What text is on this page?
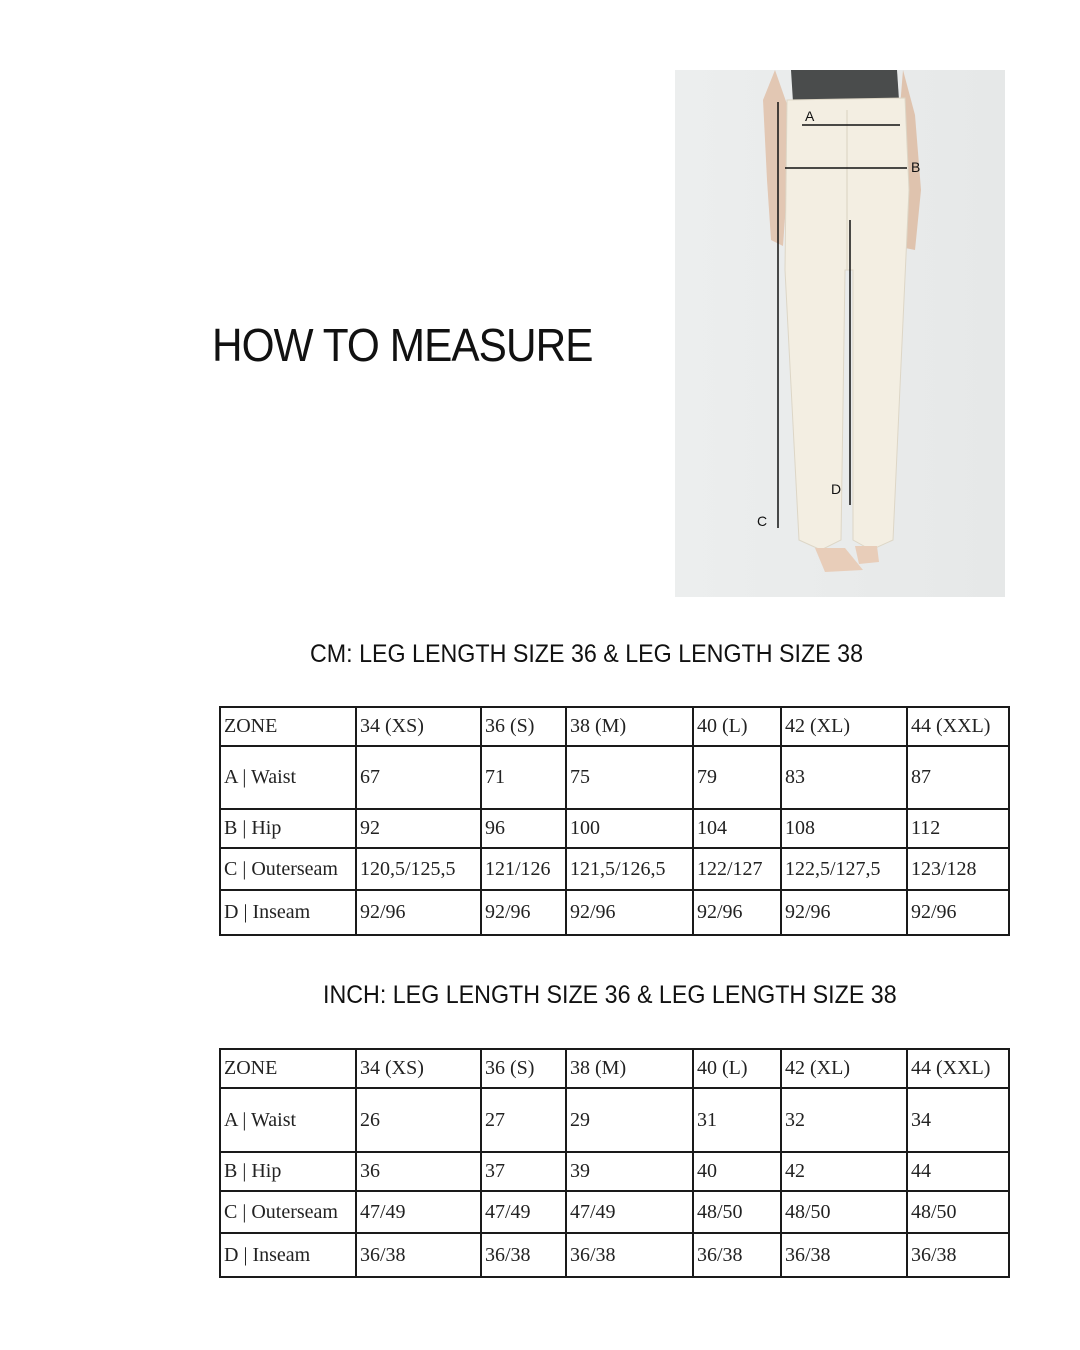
HOW TO MEASURE
A
B
C
D
CM: LEG LENGTH SIZE 36 & LEG LENGTH SIZE 38
ZONE	34 (XS)	36 (S)	38 (M)	40 (L)	42 (XL)	44 (XXL)
A | Waist	67	71	75	79	83	87
B | Hip	92	96	100	104	108	112
C | Outerseam	120,5/125,5	121/126	121,5/126,5	122/127	122,5/127,5	123/128
D | Inseam	92/96	92/96	92/96	92/96	92/96	92/96
INCH: LEG LENGTH SIZE 36 & LEG LENGTH SIZE 38
ZONE	34 (XS)	36 (S)	38 (M)	40 (L)	42 (XL)	44 (XXL)
A | Waist	26	27	29	31	32	34
B | Hip	36	37	39	40	42	44
C | Outerseam	47/49	47/49	47/49	48/50	48/50	48/50
D | Inseam	36/38	36/38	36/38	36/38	36/38	36/38
